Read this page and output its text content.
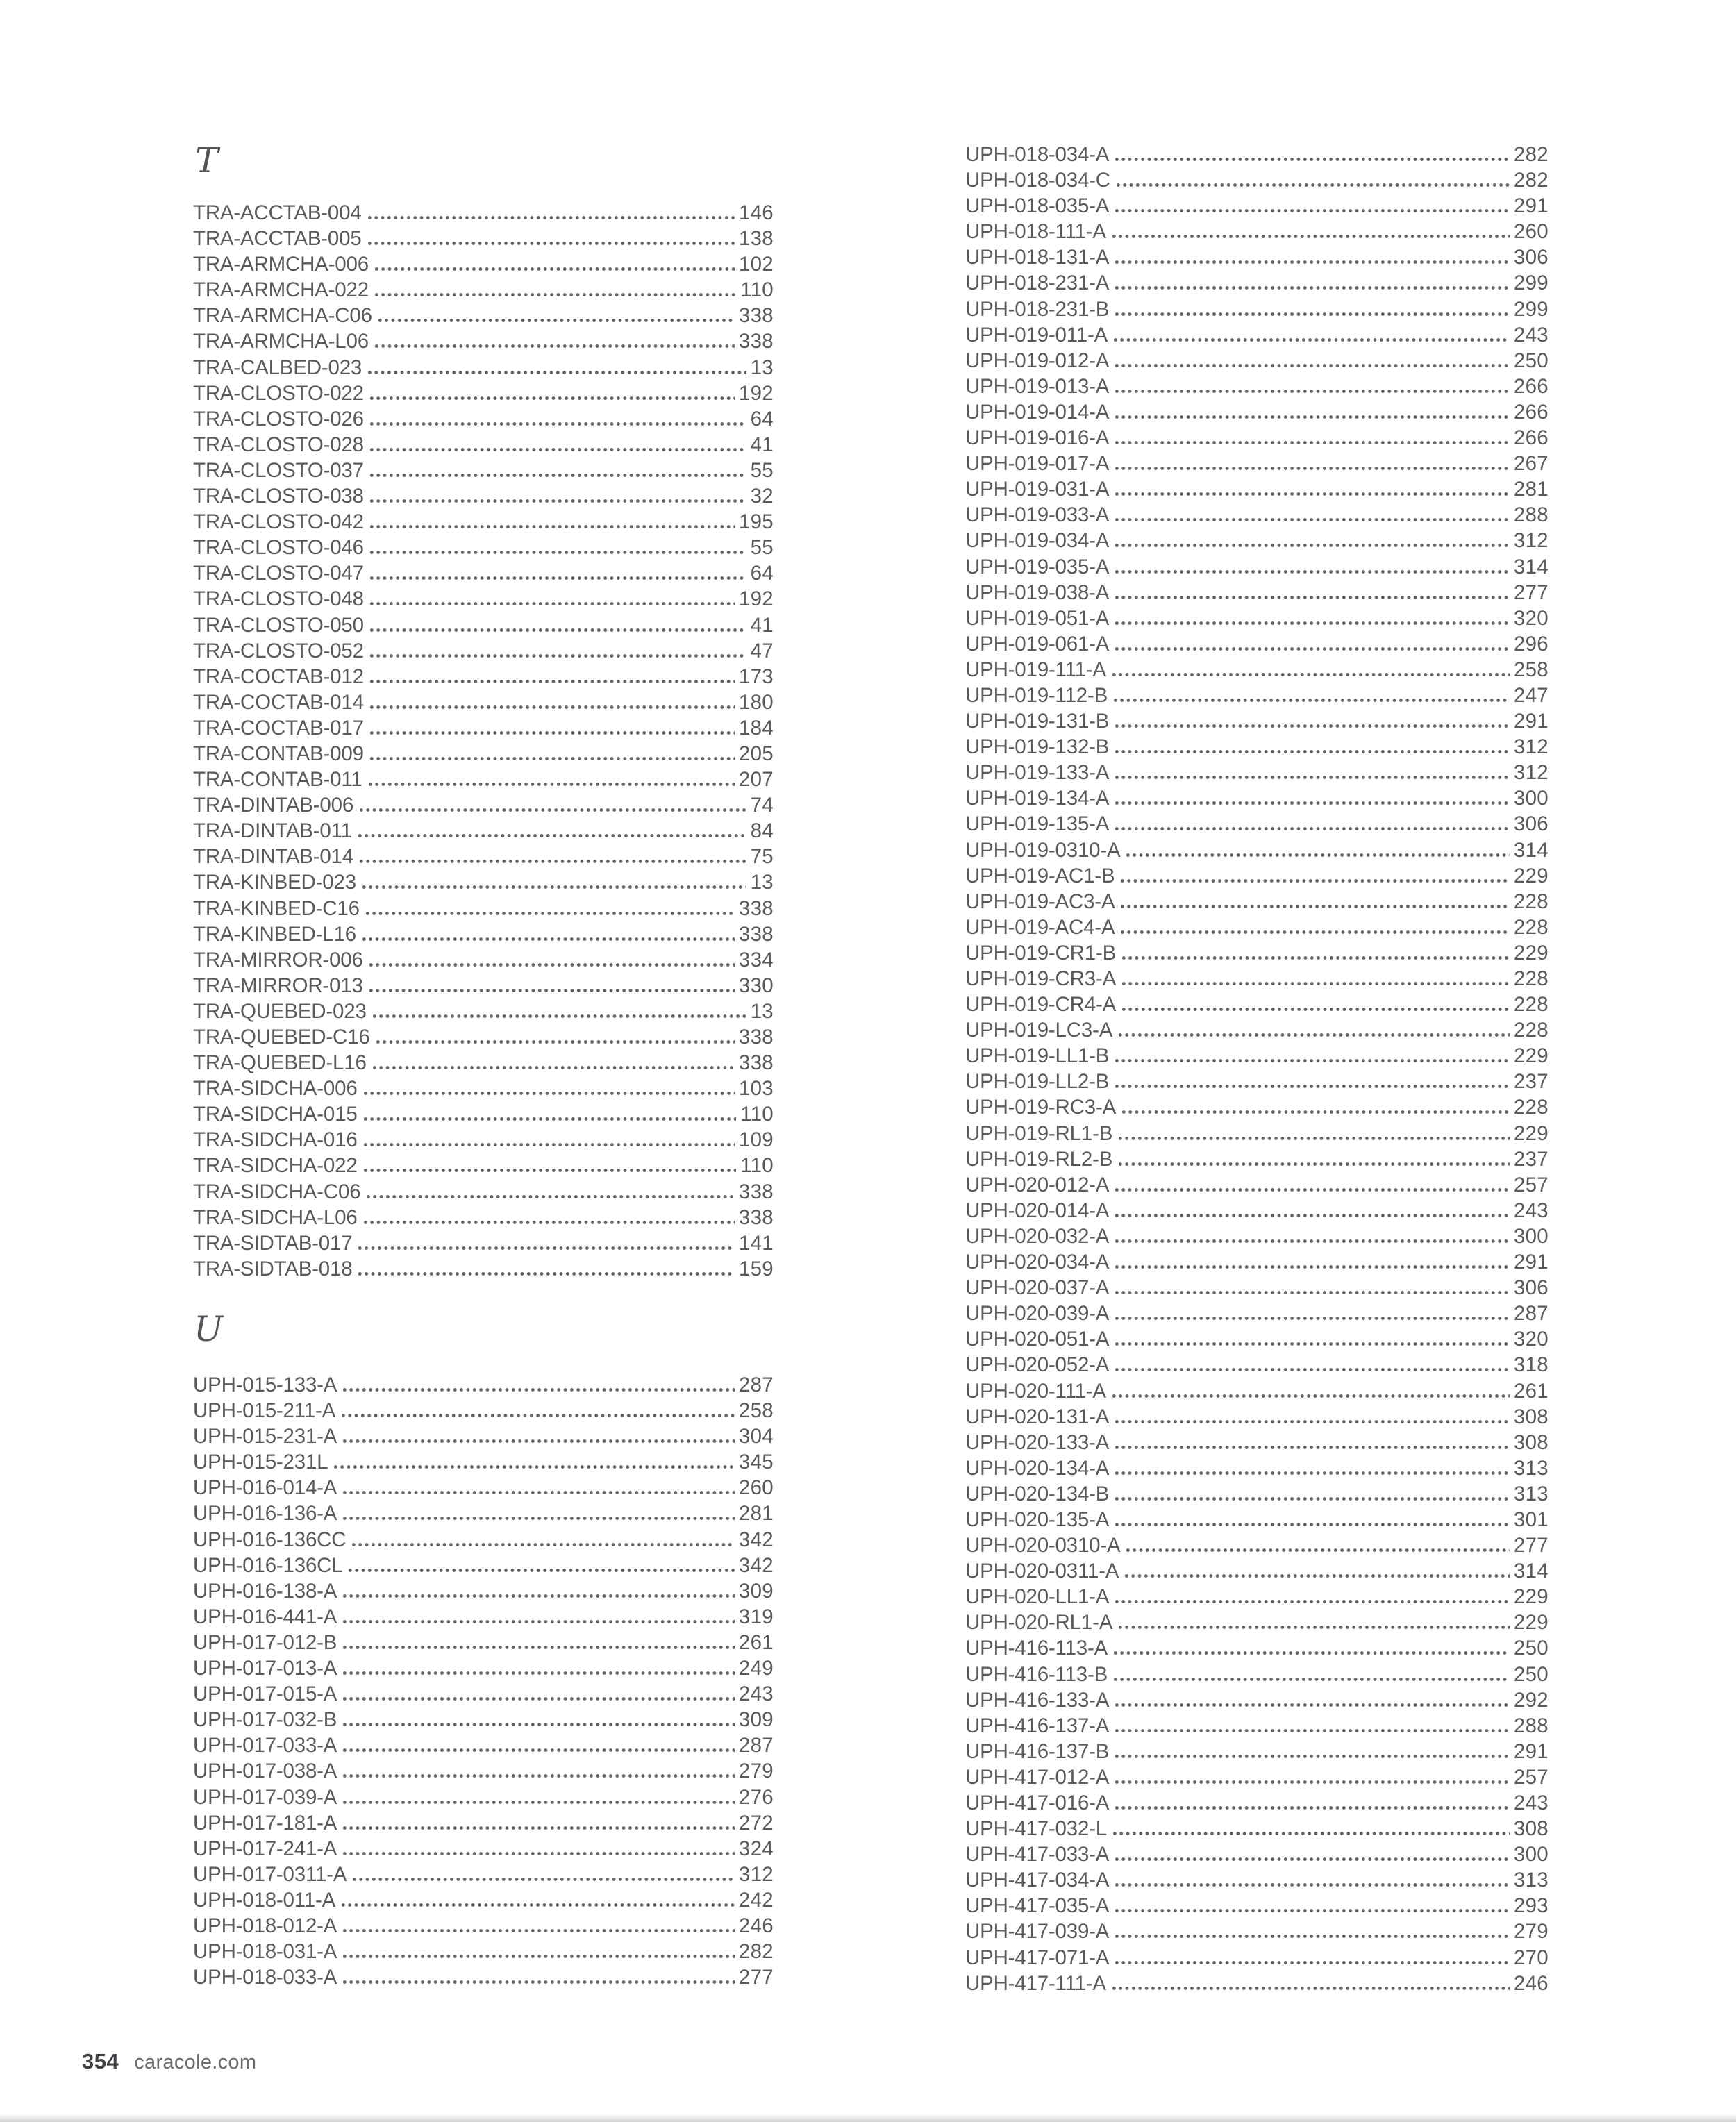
T
TRA-ACCTAB-004	146
TRA-ACCTAB-005	138
TRA-ARMCHA-006	102
TRA-ARMCHA-022	110
TRA-ARMCHA-C06	338
TRA-ARMCHA-L06	338
TRA-CALBED-023	13
TRA-CLOSTO-022	192
TRA-CLOSTO-026	64
TRA-CLOSTO-028	41
TRA-CLOSTO-037	55
TRA-CLOSTO-038	32
TRA-CLOSTO-042	195
TRA-CLOSTO-046	55
TRA-CLOSTO-047	64
TRA-CLOSTO-048	192
TRA-CLOSTO-050	41
TRA-CLOSTO-052	47
TRA-COCTAB-012	173
TRA-COCTAB-014	180
TRA-COCTAB-017	184
TRA-CONTAB-009	205
TRA-CONTAB-011	207
TRA-DINTAB-006	74
TRA-DINTAB-011	84
TRA-DINTAB-014	75
TRA-KINBED-023	13
TRA-KINBED-C16	338
TRA-KINBED-L16	338
TRA-MIRROR-006	334
TRA-MIRROR-013	330
TRA-QUEBED-023	13
TRA-QUEBED-C16	338
TRA-QUEBED-L16	338
TRA-SIDCHA-006	103
TRA-SIDCHA-015	110
TRA-SIDCHA-016	109
TRA-SIDCHA-022	110
TRA-SIDCHA-C06	338
TRA-SIDCHA-L06	338
TRA-SIDTAB-017	141
TRA-SIDTAB-018	159
U
UPH-015-133-A	287
UPH-015-211-A	258
UPH-015-231-A	304
UPH-015-231L	345
UPH-016-014-A	260
UPH-016-136-A	281
UPH-016-136CC	342
UPH-016-136CL	342
UPH-016-138-A	309
UPH-016-441-A	319
UPH-017-012-B	261
UPH-017-013-A	249
UPH-017-015-A	243
UPH-017-032-B	309
UPH-017-033-A	287
UPH-017-038-A	279
UPH-017-039-A	276
UPH-017-181-A	272
UPH-017-241-A	324
UPH-017-0311-A	312
UPH-018-011-A	242
UPH-018-012-A	246
UPH-018-031-A	282
UPH-018-033-A	277
UPH-018-034-A	282
UPH-018-034-C	282
UPH-018-035-A	291
UPH-018-111-A	260
UPH-018-131-A	306
UPH-018-231-A	299
UPH-018-231-B	299
UPH-019-011-A	243
UPH-019-012-A	250
UPH-019-013-A	266
UPH-019-014-A	266
UPH-019-016-A	266
UPH-019-017-A	267
UPH-019-031-A	281
UPH-019-033-A	288
UPH-019-034-A	312
UPH-019-035-A	314
UPH-019-038-A	277
UPH-019-051-A	320
UPH-019-061-A	296
UPH-019-111-A	258
UPH-019-112-B	247
UPH-019-131-B	291
UPH-019-132-B	312
UPH-019-133-A	312
UPH-019-134-A	300
UPH-019-135-A	306
UPH-019-0310-A	314
UPH-019-AC1-B	229
UPH-019-AC3-A	228
UPH-019-AC4-A	228
UPH-019-CR1-B	229
UPH-019-CR3-A	228
UPH-019-CR4-A	228
UPH-019-LC3-A	228
UPH-019-LL1-B	229
UPH-019-LL2-B	237
UPH-019-RC3-A	228
UPH-019-RL1-B	229
UPH-019-RL2-B	237
UPH-020-012-A	257
UPH-020-014-A	243
UPH-020-032-A	300
UPH-020-034-A	291
UPH-020-037-A	306
UPH-020-039-A	287
UPH-020-051-A	320
UPH-020-052-A	318
UPH-020-111-A	261
UPH-020-131-A	308
UPH-020-133-A	308
UPH-020-134-A	313
UPH-020-134-B	313
UPH-020-135-A	301
UPH-020-0310-A	277
UPH-020-0311-A	314
UPH-020-LL1-A	229
UPH-020-RL1-A	229
UPH-416-113-A	250
UPH-416-113-B	250
UPH-416-133-A	292
UPH-416-137-A	288
UPH-416-137-B	291
UPH-417-012-A	257
UPH-417-016-A	243
UPH-417-032-L	308
UPH-417-033-A	300
UPH-417-034-A	313
UPH-417-035-A	293
UPH-417-039-A	279
UPH-417-071-A	270
UPH-417-111-A	246
354 caracole.com
